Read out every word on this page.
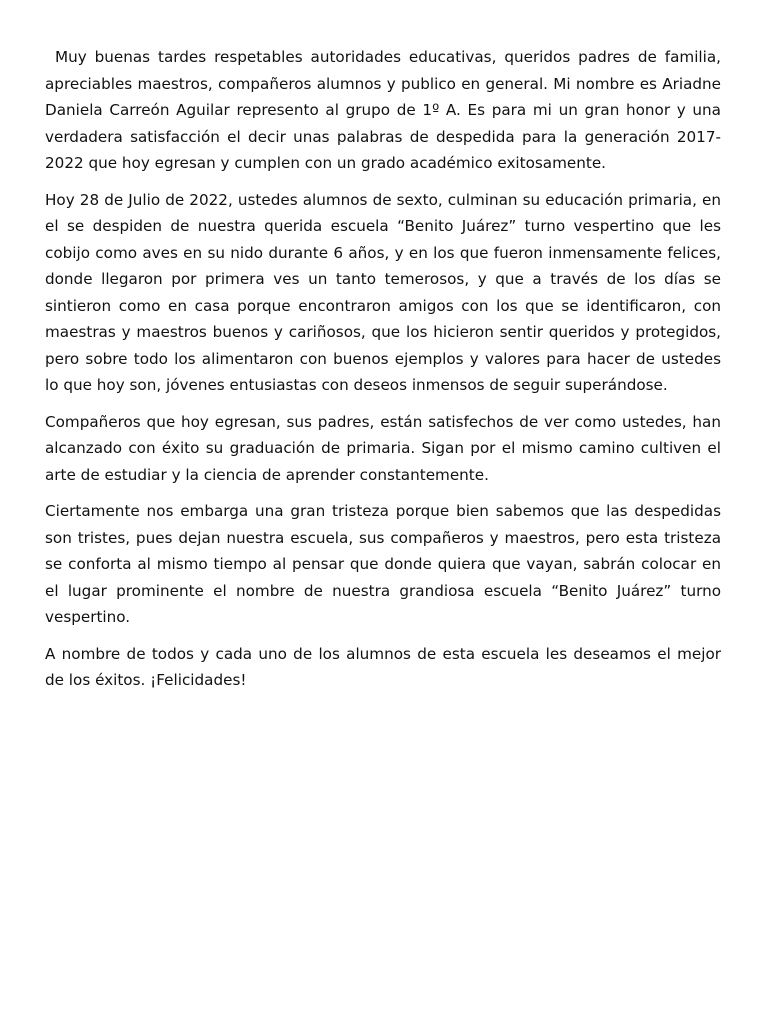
Muy buenas tardes respetables autoridades educativas, queridos padres de familia, apreciables maestros, compañeros alumnos y publico en general. Mi nombre es Ariadne Daniela Carreón Aguilar represento al grupo de 1º A. Es para mi un gran honor y una verdadera satisfacción el decir unas palabras de despedida para la generación 2017-2022 que hoy egresan y cumplen con un grado académico exitosamente.

Hoy 28 de Julio de 2022, ustedes alumnos de sexto, culminan su educación primaria, en el se despiden de nuestra querida escuela “Benito Juárez” turno vespertino que les cobijo como aves en su nido durante 6 años, y en los que fueron inmensamente felices, donde llegaron por primera ves un tanto temerosos, y que a través de los días se sintieron como en casa porque encontraron amigos con los que se identificaron, con maestras y maestros buenos y cariñosos, que los hicieron sentir queridos y protegidos, pero sobre todo los alimentaron con buenos ejemplos y valores para hacer de ustedes lo que hoy son, jóvenes entusiastas con deseos inmensos de seguir superándose.

Compañeros que hoy egresan, sus padres, están satisfechos de ver como ustedes, han alcanzado con éxito su graduación de primaria. Sigan por el mismo camino cultiven el arte de estudiar y la ciencia de aprender constantemente.

Ciertamente nos embarga una gran tristeza porque bien sabemos que las despedidas son tristes, pues dejan nuestra escuela, sus compañeros y maestros, pero esta tristeza se conforta al mismo tiempo al pensar que donde quiera que vayan, sabrán colocar en el lugar prominente el nombre de nuestra grandiosa escuela “Benito Juárez” turno vespertino.

A nombre de todos y cada uno de los alumnos de esta escuela les deseamos el mejor de los éxitos. ¡Felicidades!
